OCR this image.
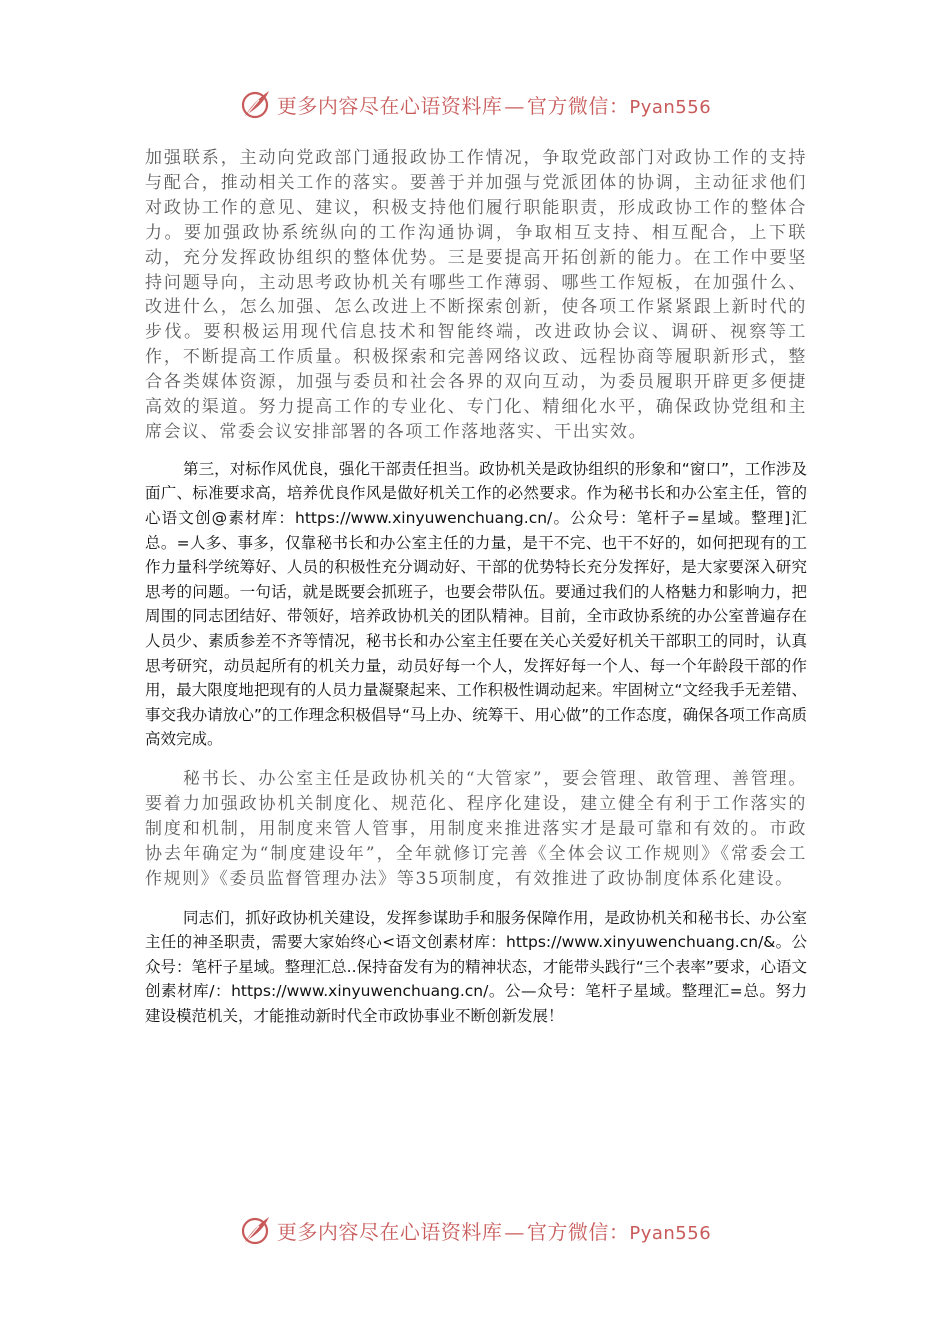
更多内容尽在心语资料库 — 官方微信：Pyan556

加强联系，主动向党政部门通报政协工作情况，争取党政部门对政协工作的支持与配合，推动相关工作的落实。要善于并加强与党派团体的协调，主动征求他们对政协工作的意见、建议，积极支持他们履行职能职责，形成政协工作的整体合力。要加强政协系统纵向的工作沟通协调，争取相互支持、相互配合，上下联动，充分发挥政协组织的整体优势。三是要提高开拓创新的能力。在工作中要坚持问题导向，主动思考政协机关有哪些工作薄弱、哪些工作短板，在加强什么、改进什么，怎么加强、怎么改进上不断探索创新，使各项工作紧紧跟上新时代的步伐。要积极运用现代信息技术和智能终端，改进政协会议、调研、视察等工作，不断提高工作质量。积极探索和完善网络议政、远程协商等履职新形式，整合各类媒体资源，加强与委员和社会各界的双向互动，为委员履职开辟更多便捷高效的渠道。努力提高工作的专业化、专门化、精细化水平，确保政协党组和主席会议、常委会议安排部署的各项工作落地落实、干出实效。

第三，对标作风优良，强化干部责任担当。政协机关是政协组织的形象和“窗口”，工作涉及面广、标准要求高，培养优良作风是做好机关工作的必然要求。作为秘书长和办公室主任，管的心语文创@素材库：https://www.xinyuwenchuang.cn/。公众号：笔杆子=星域。整理]汇总。=人多、事多，仅靠秘书长和办公室主任的力量，是干不完、也干不好的，如何把现有的工作力量科学统筹好、人员的积极性充分调动好、干部的优势特长充分发挥好，是大家要深入研究思考的问题。一句话，就是既要会抓班子，也要会带队伍。要通过我们的人格魅力和影响力，把周围的同志团结好、带领好，培养政协机关的团队精神。目前，全市政协系统的办公室普遍存在人员少、素质参差不齐等情况，秘书长和办公室主任要在关心关爱好机关干部职工的同时，认真思考研究，动员起所有的机关力量，动员好每一个人，发挥好每一个人、每一个年龄段干部的作用，最大限度地把现有的人员力量凝聚起来、工作积极性调动起来。牢固树立“文经我手无差错、事交我办请放心”的工作理念积极倡导“马上办、统筹干、用心做”的工作态度，确保各项工作高质高效完成。

秘书长、办公室主任是政协机关的“大管家”，要会管理、敢管理、善管理。要着力加强政协机关制度化、规范化、程序化建设，建立健全有利于工作落实的制度和机制，用制度来管人管事，用制度来推进落实才是最可靠和有效的。市政协去年确定为“制度建设年”，全年就修订完善《全体会议工作规则》《常委会工作规则》《委员监督管理办法》等35项制度，有效推进了政协制度体系化建设。

同志们，抓好政协机关建设，发挥参谋助手和服务保障作用，是政协机关和秘书长、办公室主任的神圣职责，需要大家始终心<语文创素材库：https://www.xinyuwenchuang.cn/&。公众号：笔杆子星域。整理汇总..保持奋发有为的精神状态，才能带头践行“三个表率”要求，心语文创素材库/：https://www.xinyuwenchuang.cn/。公—众号：笔杆子星域。整理汇=总。努力建设模范机关，才能推动新时代全市政协事业不断创新发展！

更多内容尽在心语资料库 — 官方微信：Pyan556
